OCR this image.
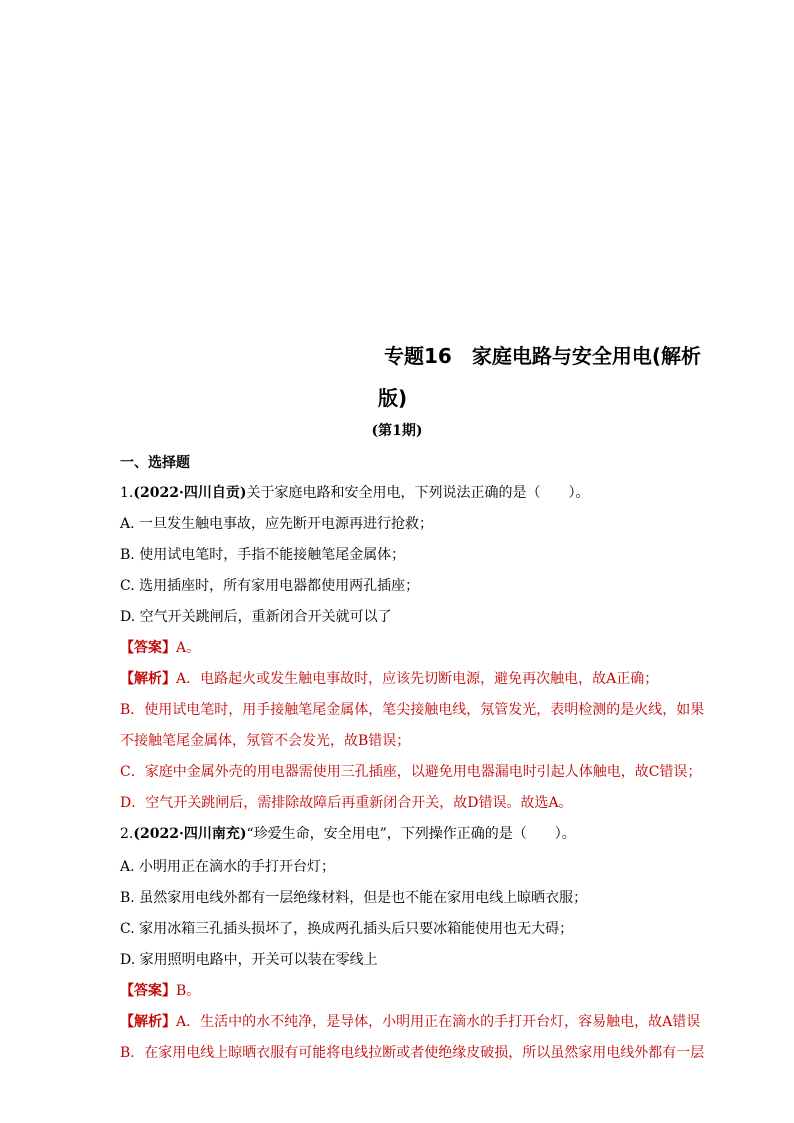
专题16　家庭电路与安全用电(解析
版)
(第1期)
一、选择题
1.(2022·四川自贡)关于家庭电路和安全用电，下列说法正确的是（　　）。
A. 一旦发生触电事故，应先断开电源再进行抢救；
B. 使用试电笔时，手指不能接触笔尾金属体；
C. 选用插座时，所有家用电器都使用两孔插座；
D. 空气开关跳闸后，重新闭合开关就可以了
【答案】A。
【解析】A．电路起火或发生触电事故时，应该先切断电源，避免再次触电，故A正确；
B．使用试电笔时，用手接触笔尾金属体，笔尖接触电线，氖管发光，表明检测的是火线，如果
不接触笔尾金属体，氖管不会发光，故B错误；
C．家庭中金属外壳的用电器需使用三孔插座，以避免用电器漏电时引起人体触电，故C错误；
D．空气开关跳闸后，需排除故障后再重新闭合开关，故D错误。故选A。
2.(2022·四川南充)“珍爱生命，安全用电”，下列操作正确的是（　　）。
A. 小明用正在滴水的手打开台灯；
B. 虽然家用电线外都有一层绝缘材料，但是也不能在家用电线上晾晒衣服；
C. 家用冰箱三孔插头损坏了，换成两孔插头后只要冰箱能使用也无大碍；
D. 家用照明电路中，开关可以装在零线上
【答案】B。
【解析】A．生活中的水不纯净，是导体，小明用正在滴水的手打开台灯，容易触电，故A错误
B．在家用电线上晾晒衣服有可能将电线拉断或者使绝缘皮破损，所以虽然家用电线外都有一层
